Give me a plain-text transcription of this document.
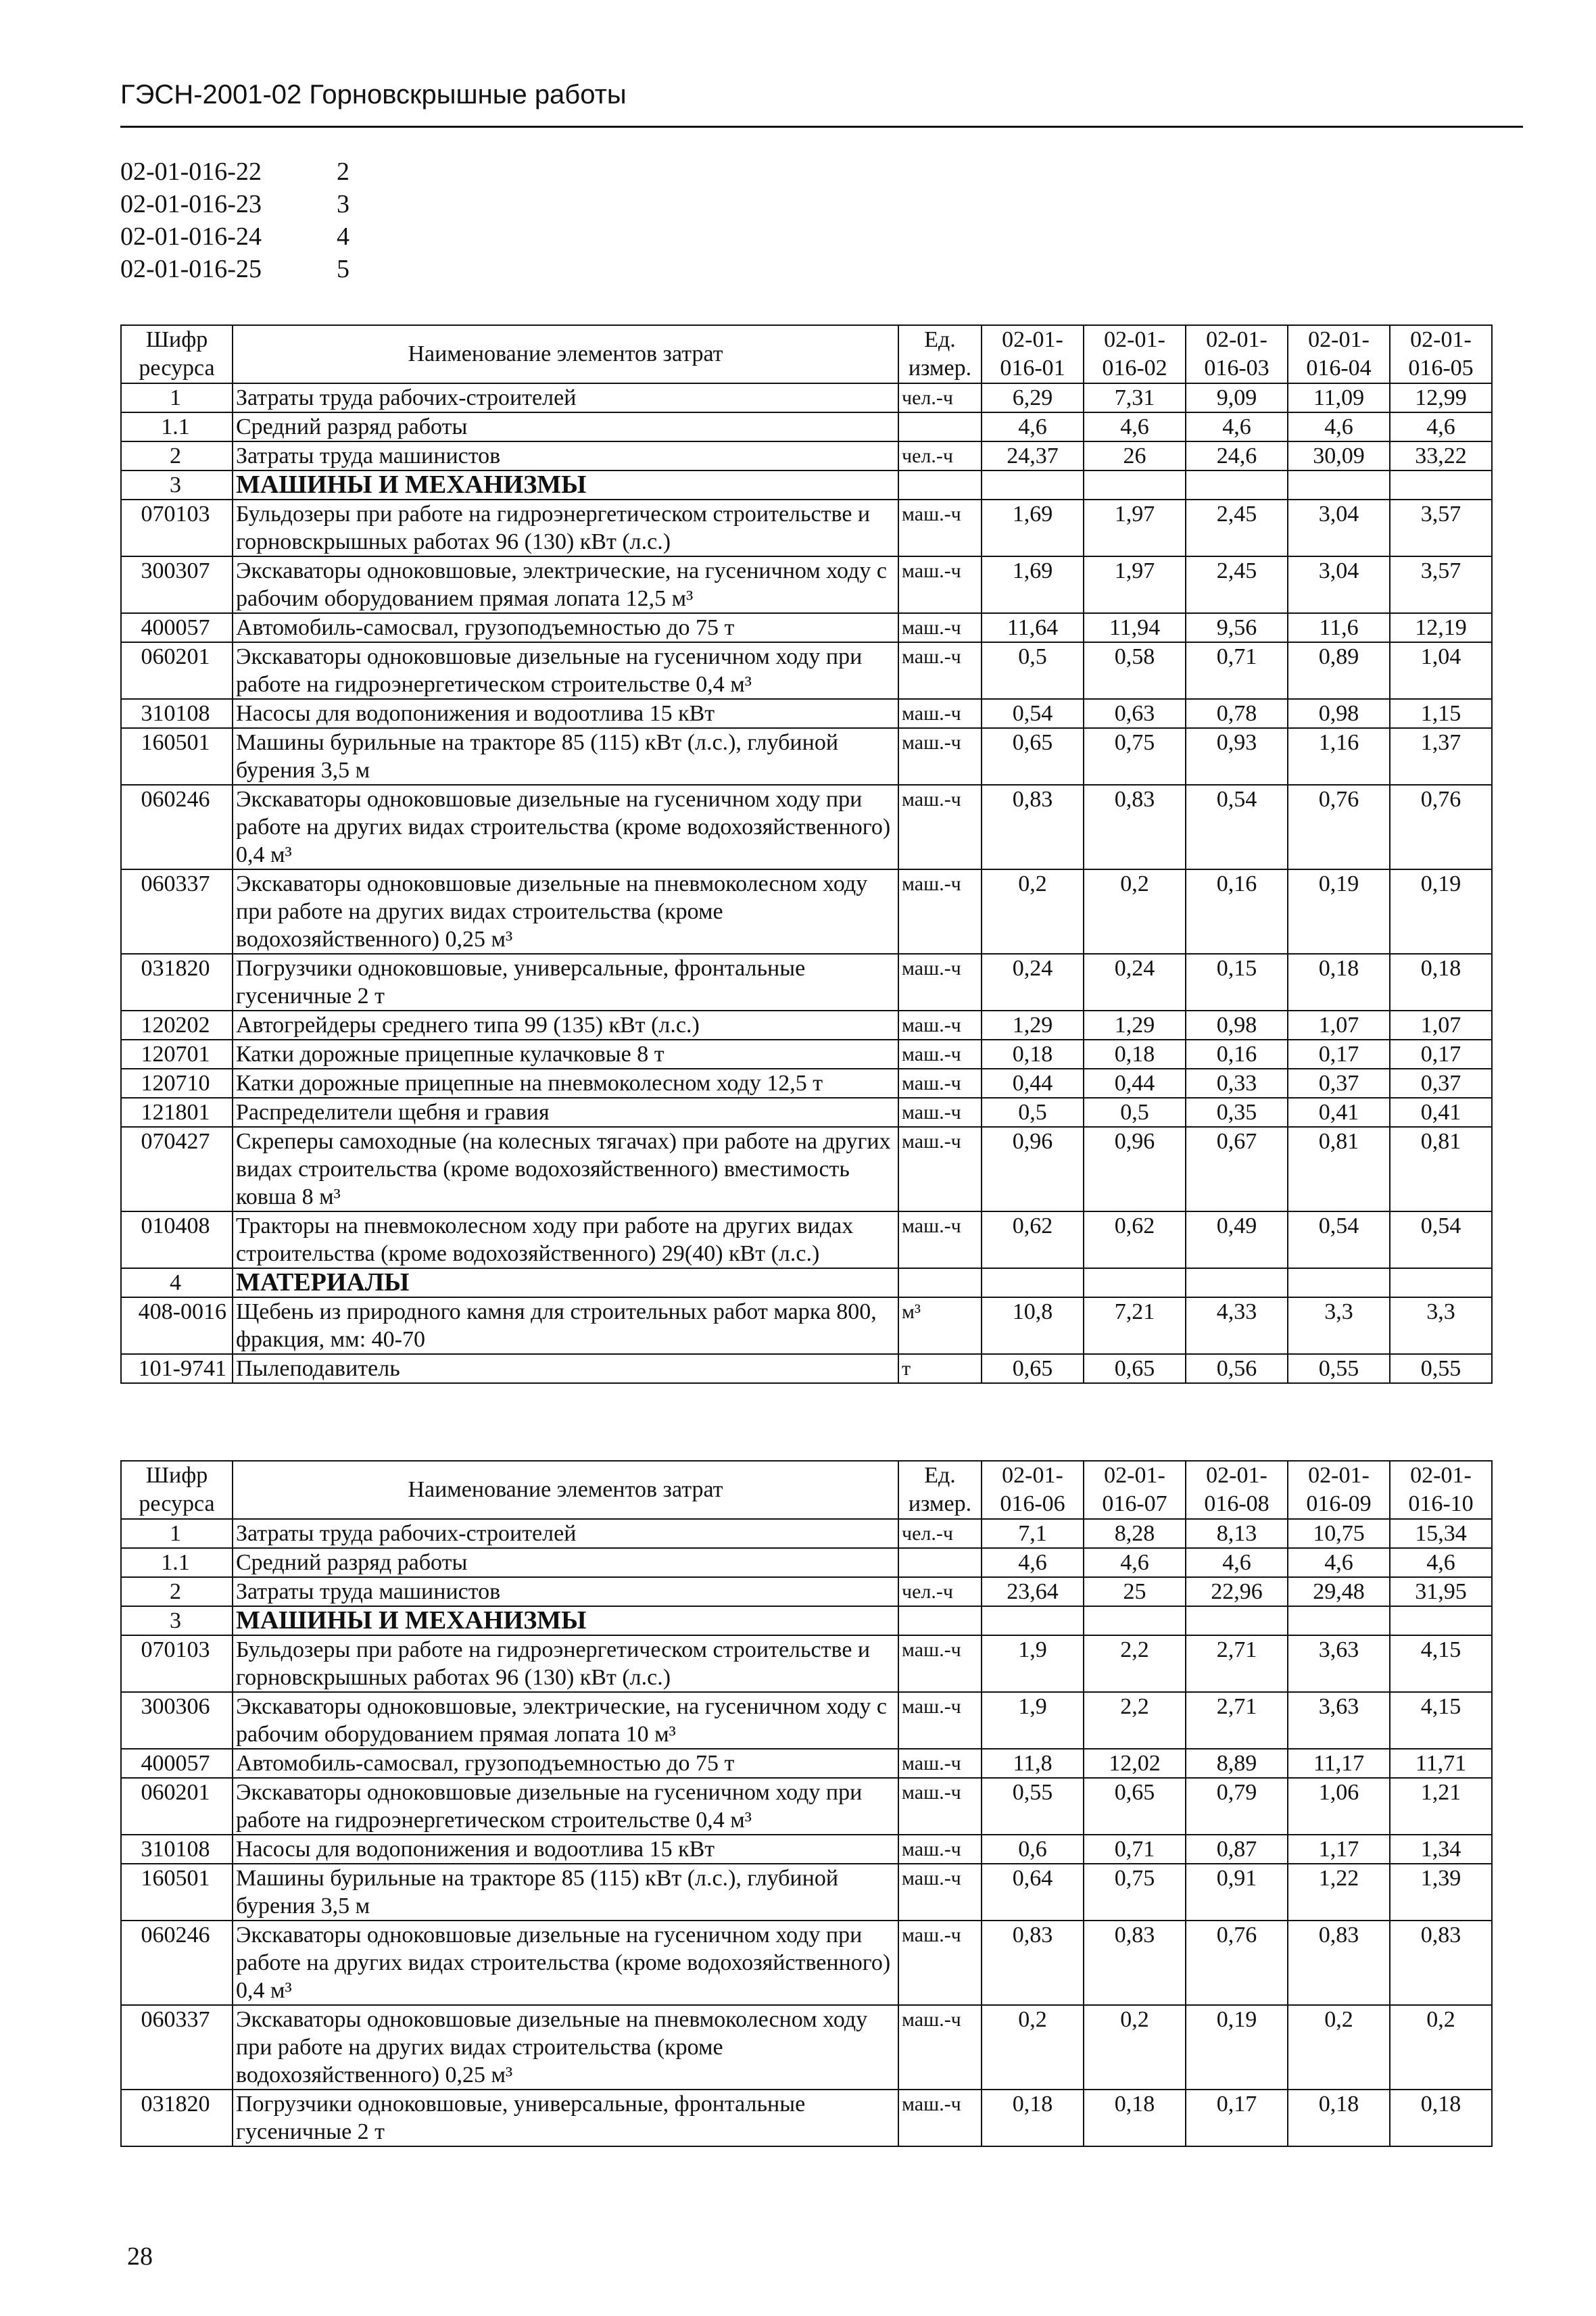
ГЭСН-2001-02 Горновскрышные работы
02-01-016-22	2
02-01-016-23	3
02-01-016-24	4
02-01-016-25	5
Шифр ресурса	Наименование элементов затрат	Ед. измер.	02-01-016-01	02-01-016-02	02-01-016-03	02-01-016-04	02-01-016-05
1	Затраты труда рабочих-строителей	чел.-ч	6,29	7,31	9,09	11,09	12,99
1.1	Средний разряд работы		4,6	4,6	4,6	4,6	4,6
2	Затраты труда машинистов	чел.-ч	24,37	26	24,6	30,09	33,22
3	МАШИНЫ И МЕХАНИЗМЫ						
070103	Бульдозеры при работе на гидроэнергетическом строительстве и горновскрышных работах 96 (130) кВт (л.с.)	маш.-ч	1,69	1,97	2,45	3,04	3,57
300307	Экскаваторы одноковшовые, электрические, на гусеничном ходу с рабочим оборудованием прямая лопата 12,5 м³	маш.-ч	1,69	1,97	2,45	3,04	3,57
400057	Автомобиль-самосвал, грузоподъемностью до 75 т	маш.-ч	11,64	11,94	9,56	11,6	12,19
060201	Экскаваторы одноковшовые дизельные на гусеничном ходу при работе на гидроэнергетическом строительстве 0,4 м³	маш.-ч	0,5	0,58	0,71	0,89	1,04
310108	Насосы для водопонижения и водоотлива 15 кВт	маш.-ч	0,54	0,63	0,78	0,98	1,15
160501	Машины бурильные на тракторе 85 (115) кВт (л.с.), глубиной бурения 3,5 м	маш.-ч	0,65	0,75	0,93	1,16	1,37
060246	Экскаваторы одноковшовые дизельные на гусеничном ходу при работе на других видах строительства (кроме водохозяйственного) 0,4 м³	маш.-ч	0,83	0,83	0,54	0,76	0,76
060337	Экскаваторы одноковшовые дизельные на пневмоколесном ходу при работе на других видах строительства (кроме водохозяйственного) 0,25 м³	маш.-ч	0,2	0,2	0,16	0,19	0,19
031820	Погрузчики одноковшовые, универсальные, фронтальные гусеничные 2 т	маш.-ч	0,24	0,24	0,15	0,18	0,18
120202	Автогрейдеры среднего типа 99 (135) кВт (л.с.)	маш.-ч	1,29	1,29	0,98	1,07	1,07
120701	Катки дорожные прицепные кулачковые 8 т	маш.-ч	0,18	0,18	0,16	0,17	0,17
120710	Катки дорожные прицепные на пневмоколесном ходу 12,5 т	маш.-ч	0,44	0,44	0,33	0,37	0,37
121801	Распределители щебня и гравия	маш.-ч	0,5	0,5	0,35	0,41	0,41
070427	Скреперы самоходные (на колесных тягачах) при работе на других видах строительства (кроме водохозяйственного) вместимость ковша 8 м³	маш.-ч	0,96	0,96	0,67	0,81	0,81
010408	Тракторы на пневмоколесном ходу при работе на других видах строительства (кроме водохозяйственного) 29(40) кВт (л.с.)	маш.-ч	0,62	0,62	0,49	0,54	0,54
4	МАТЕРИАЛЫ						
408-0016	Щебень из природного камня для строительных работ марка 800, фракция, мм: 40-70	м³	10,8	7,21	4,33	3,3	3,3
101-9741	Пылеподавитель	т	0,65	0,65	0,56	0,55	0,55
Шифр ресурса	Наименование элементов затрат	Ед. измер.	02-01-016-06	02-01-016-07	02-01-016-08	02-01-016-09	02-01-016-10
1	Затраты труда рабочих-строителей	чел.-ч	7,1	8,28	8,13	10,75	15,34
1.1	Средний разряд работы		4,6	4,6	4,6	4,6	4,6
2	Затраты труда машинистов	чел.-ч	23,64	25	22,96	29,48	31,95
3	МАШИНЫ И МЕХАНИЗМЫ						
070103	Бульдозеры при работе на гидроэнергетическом строительстве и горновскрышных работах 96 (130) кВт (л.с.)	маш.-ч	1,9	2,2	2,71	3,63	4,15
300306	Экскаваторы одноковшовые, электрические, на гусеничном ходу с рабочим оборудованием прямая лопата 10 м³	маш.-ч	1,9	2,2	2,71	3,63	4,15
400057	Автомобиль-самосвал, грузоподъемностью до 75 т	маш.-ч	11,8	12,02	8,89	11,17	11,71
060201	Экскаваторы одноковшовые дизельные на гусеничном ходу при работе на гидроэнергетическом строительстве 0,4 м³	маш.-ч	0,55	0,65	0,79	1,06	1,21
310108	Насосы для водопонижения и водоотлива 15 кВт	маш.-ч	0,6	0,71	0,87	1,17	1,34
160501	Машины бурильные на тракторе 85 (115) кВт (л.с.), глубиной бурения 3,5 м	маш.-ч	0,64	0,75	0,91	1,22	1,39
060246	Экскаваторы одноковшовые дизельные на гусеничном ходу при работе на других видах строительства (кроме водохозяйственного) 0,4 м³	маш.-ч	0,83	0,83	0,76	0,83	0,83
060337	Экскаваторы одноковшовые дизельные на пневмоколесном ходу при работе на других видах строительства (кроме водохозяйственного) 0,25 м³	маш.-ч	0,2	0,2	0,19	0,2	0,2
031820	Погрузчики одноковшовые, универсальные, фронтальные гусеничные 2 т	маш.-ч	0,18	0,18	0,17	0,18	0,18
28
